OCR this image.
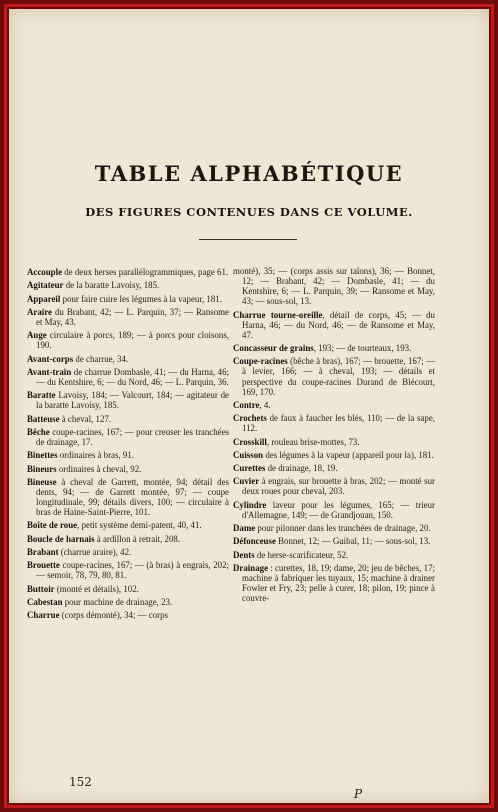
TABLE ALPHABÉTIQUE
DES FIGURES CONTENUES DANS CE VOLUME.
Accouple de deux herses parallélogrammiques, page 61.
Agitateur de la baratte Lavoisy, 185.
Appareil pour faire cuire les légumes à la vapeur, 181.
Araire du Brabant, 42; — L. Parquin, 37; — Ransome et May, 43.
Auge circulaire à porcs, 189; — à porcs pour cloisons, 190.
Avant-corps de charrue, 34.
Avant-train de charrue Dombasle, 41; — du Harna, 46; — du Kentshire, 6; — du Nord, 46; — L. Parquin, 36.
Baratte Lavoisy, 184; — Valcourt, 184; — agitateur de la baratte Lavoisy, 185.
Batteuse à cheval, 127.
Bêche coupe-racines, 167; — pour creuser les tranchées de drainage, 17.
Binettes ordinaires à bras, 91.
Bineurs ordinaires à cheval, 92.
Bineuse à cheval de Garrett, montée, 94; détail des dents, 94; — de Garrett montée, 97; — coupe longitudinale, 99; détails divers, 100; — circulaire à bras de Haine-Saint-Pierre, 101.
Boîte de roue, petit système demi-patent, 40, 41.
Boucle de harnais à ardillon à retrait, 208.
Brabant (charrue araire), 42.
Brouette coupe-racines, 167; — (à bras) à engrais, 202; — semoir, 78, 79, 80, 81.
Buttoir (monté et détails), 102.
Cabestan pour machine de drainage, 23.
Charrue (corps démonté), 34; — corps
monté), 35; — (corps assis sur talons), 36; — Bonnet, 12; — Brabant, 42; — Dombasle, 41; — du Kentshire, 6; — L. Parquin, 39; — Ransome et May, 43; — sous-sol, 13.
Charrue tourne-oreille, détail de corps, 45; — du Harna, 46; — du Nord, 46; — de Ransome et May, 47.
Concasseur de grains, 193; — de tourteaux, 193.
Coupe-racines (bêche à bras), 167; — brouette, 167; — à levier, 166; — à cheval, 193; — détails et perspective du coupe-racines Durand de Blécourt, 169, 170.
Contre, 4.
Crochets de faux à faucher les blés, 110; — de la sape, 112.
Crosskill, rouleau brise-mottes, 73.
Cuisson des légumes à la vapeur (appareil pour la), 181.
Curettes de drainage, 18, 19.
Cuvier à engrais, sur brouette à bras, 202; — monté sur deux roues pour cheval, 203.
Cylindre laveur pour les légumes, 165; — trieur d'Allemagne, 149; — de Grandjouan, 150.
Dame pour pilonner dans les tranchées de drainage, 20.
Défonceuse Bonnet, 12; — Guibal, 11; — sous-sol, 13.
Dents de herse-scarificateur, 52.
Drainage : curettes, 18, 19; dame, 20; jeu de bêches, 17; machine à fabriquer les tuyaux, 15; machine à drainer Fowler et Fry, 23; pelle à curer, 18; pilon, 19; pince à couvre-
152
P
